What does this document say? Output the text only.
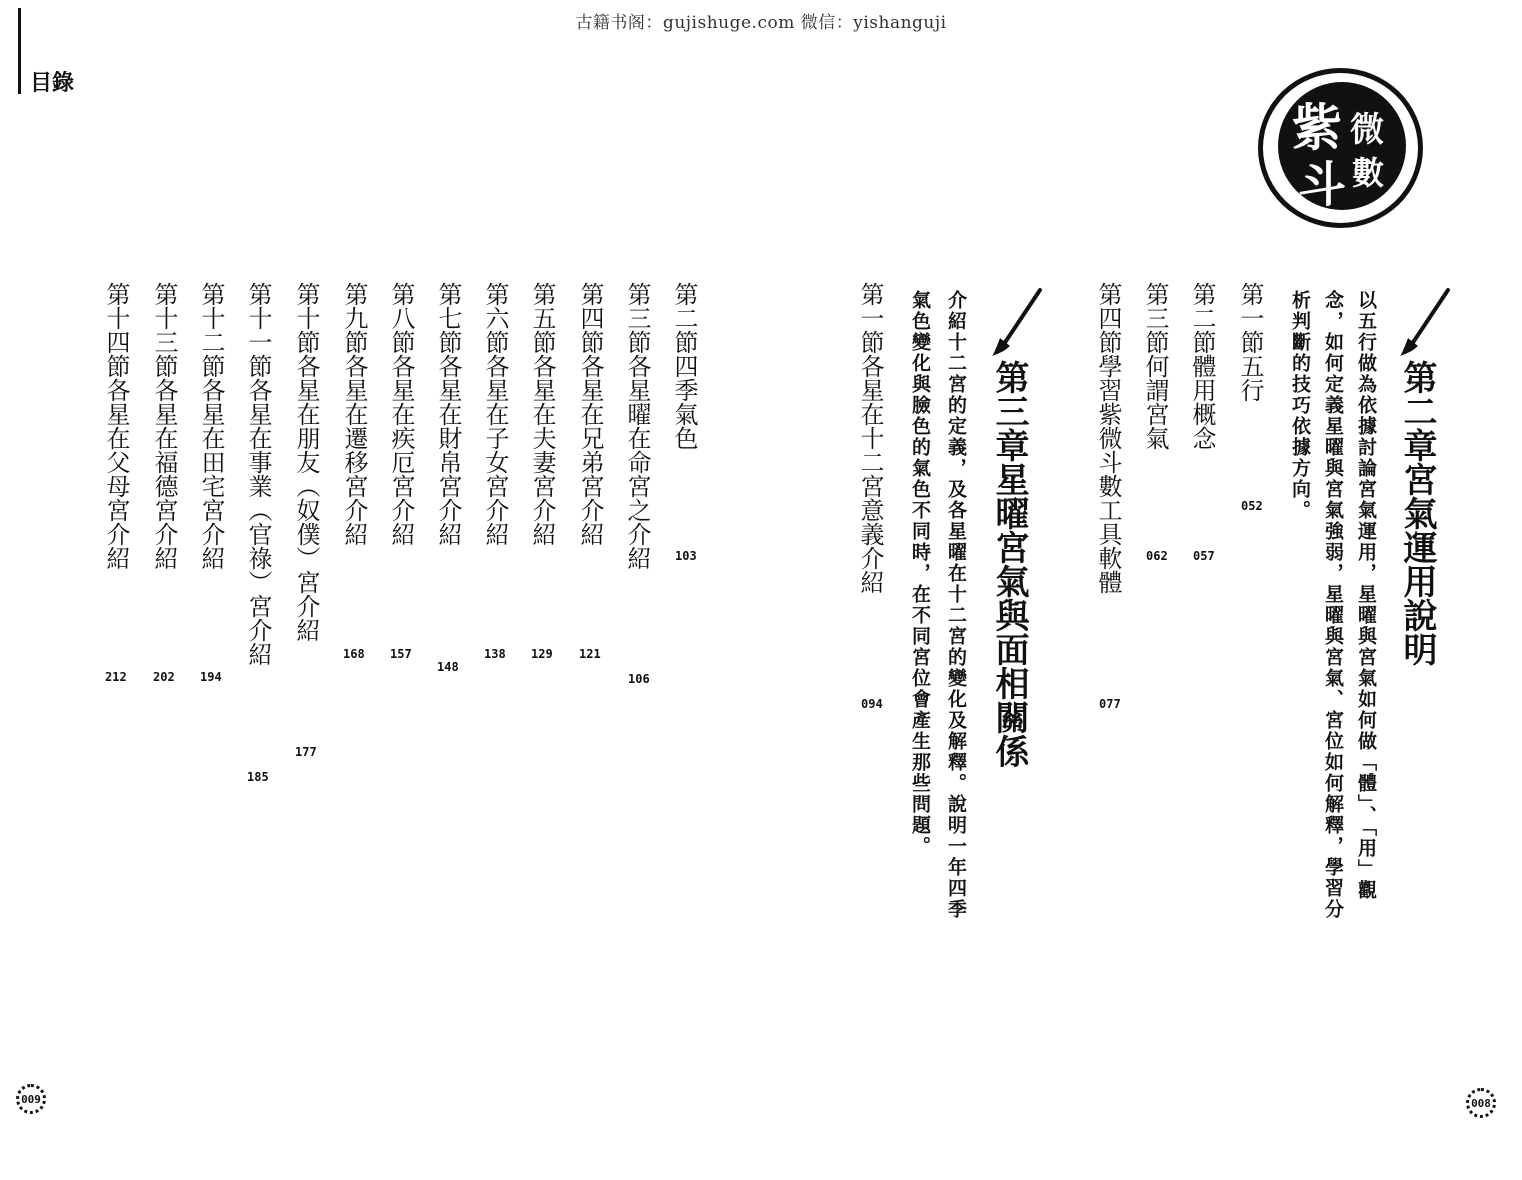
古籍书阁：gujishuge.com 微信：yishanguji
目錄
紫 微
斗 數
第二章宮氣運用說明
以五行做為依據討論宮氣運用，星曜與宮氣如何做「體」、「用」觀
念，如何定義星曜與宮氣強弱，星曜與宮氣、宮位如何解釋，學習分
析判斷的技巧依據方向。
第一節五行
052
第二節體用概念
057
第三節何謂宮氣
062
第四節學習紫微斗數工具軟體
077
第三章星曜宮氣與面相關係
介紹十二宮的定義，及各星曜在十二宮的變化及解釋。說明一年四季
氣色變化與臉色的氣色不同時，在不同宮位會產生那些問題。
第一節各星在十二宮意義介紹
094
第二節四季氣色
103
第三節各星曜在命宮之介紹
106
第四節各星在兄弟宮介紹
121
第五節各星在夫妻宮介紹
129
第六節各星在子女宮介紹
138
第七節各星在財帛宮介紹
148
第八節各星在疾厄宮介紹
157
第九節各星在遷移宮介紹
168
第十節各星在朋友（奴僕）宮介紹
177
第十一節各星在事業（官祿）宮介紹
185
第十二節各星在田宅宮介紹
194
第十三節各星在福德宮介紹
202
第十四節各星在父母宮介紹
212
009	008
